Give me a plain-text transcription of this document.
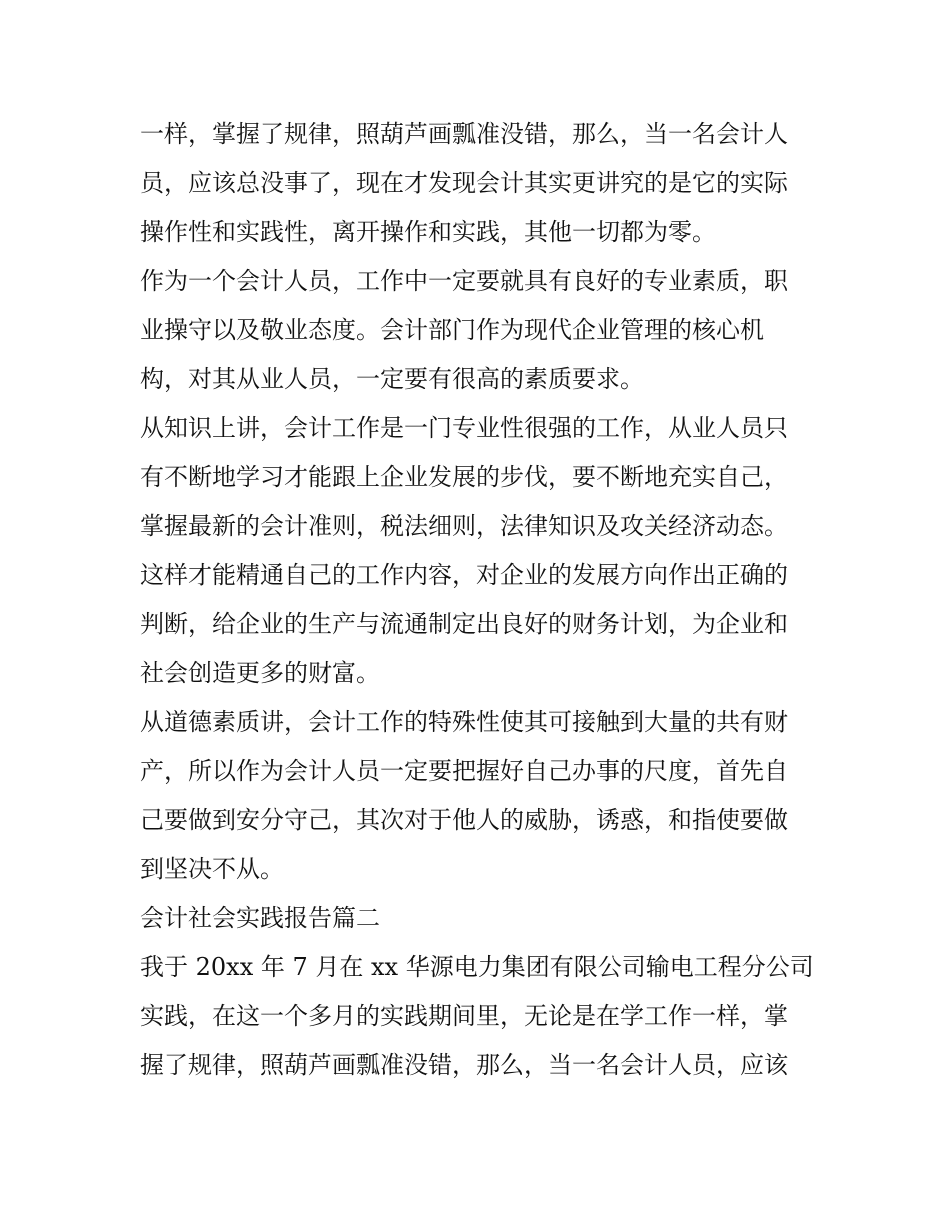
一样，掌握了规律，照葫芦画瓢准没错，那么，当一名会计人
员，应该总没事了，现在才发现会计其实更讲究的是它的实际
操作性和实践性，离开操作和实践，其他一切都为零。
作为一个会计人员，工作中一定要就具有良好的专业素质，职
业操守以及敬业态度。会计部门作为现代企业管理的核心机
构，对其从业人员，一定要有很高的素质要求。
从知识上讲，会计工作是一门专业性很强的工作，从业人员只
有不断地学习才能跟上企业发展的步伐，要不断地充实自己，
掌握最新的会计准则，税法细则，法律知识及攻关经济动态。
这样才能精通自己的工作内容，对企业的发展方向作出正确的
判断，给企业的生产与流通制定出良好的财务计划，为企业和
社会创造更多的财富。
从道德素质讲，会计工作的特殊性使其可接触到大量的共有财
产，所以作为会计人员一定要把握好自己办事的尺度，首先自
己要做到安分守己，其次对于他人的威胁，诱惑，和指使要做
到坚决不从。
会计社会实践报告篇二
我于 20xx 年 7 月在 xx 华源电力集团有限公司输电工程分公司
实践，在这一个多月的实践期间里，无论是在学工作一样，掌
握了规律，照葫芦画瓢准没错，那么，当一名会计人员，应该
